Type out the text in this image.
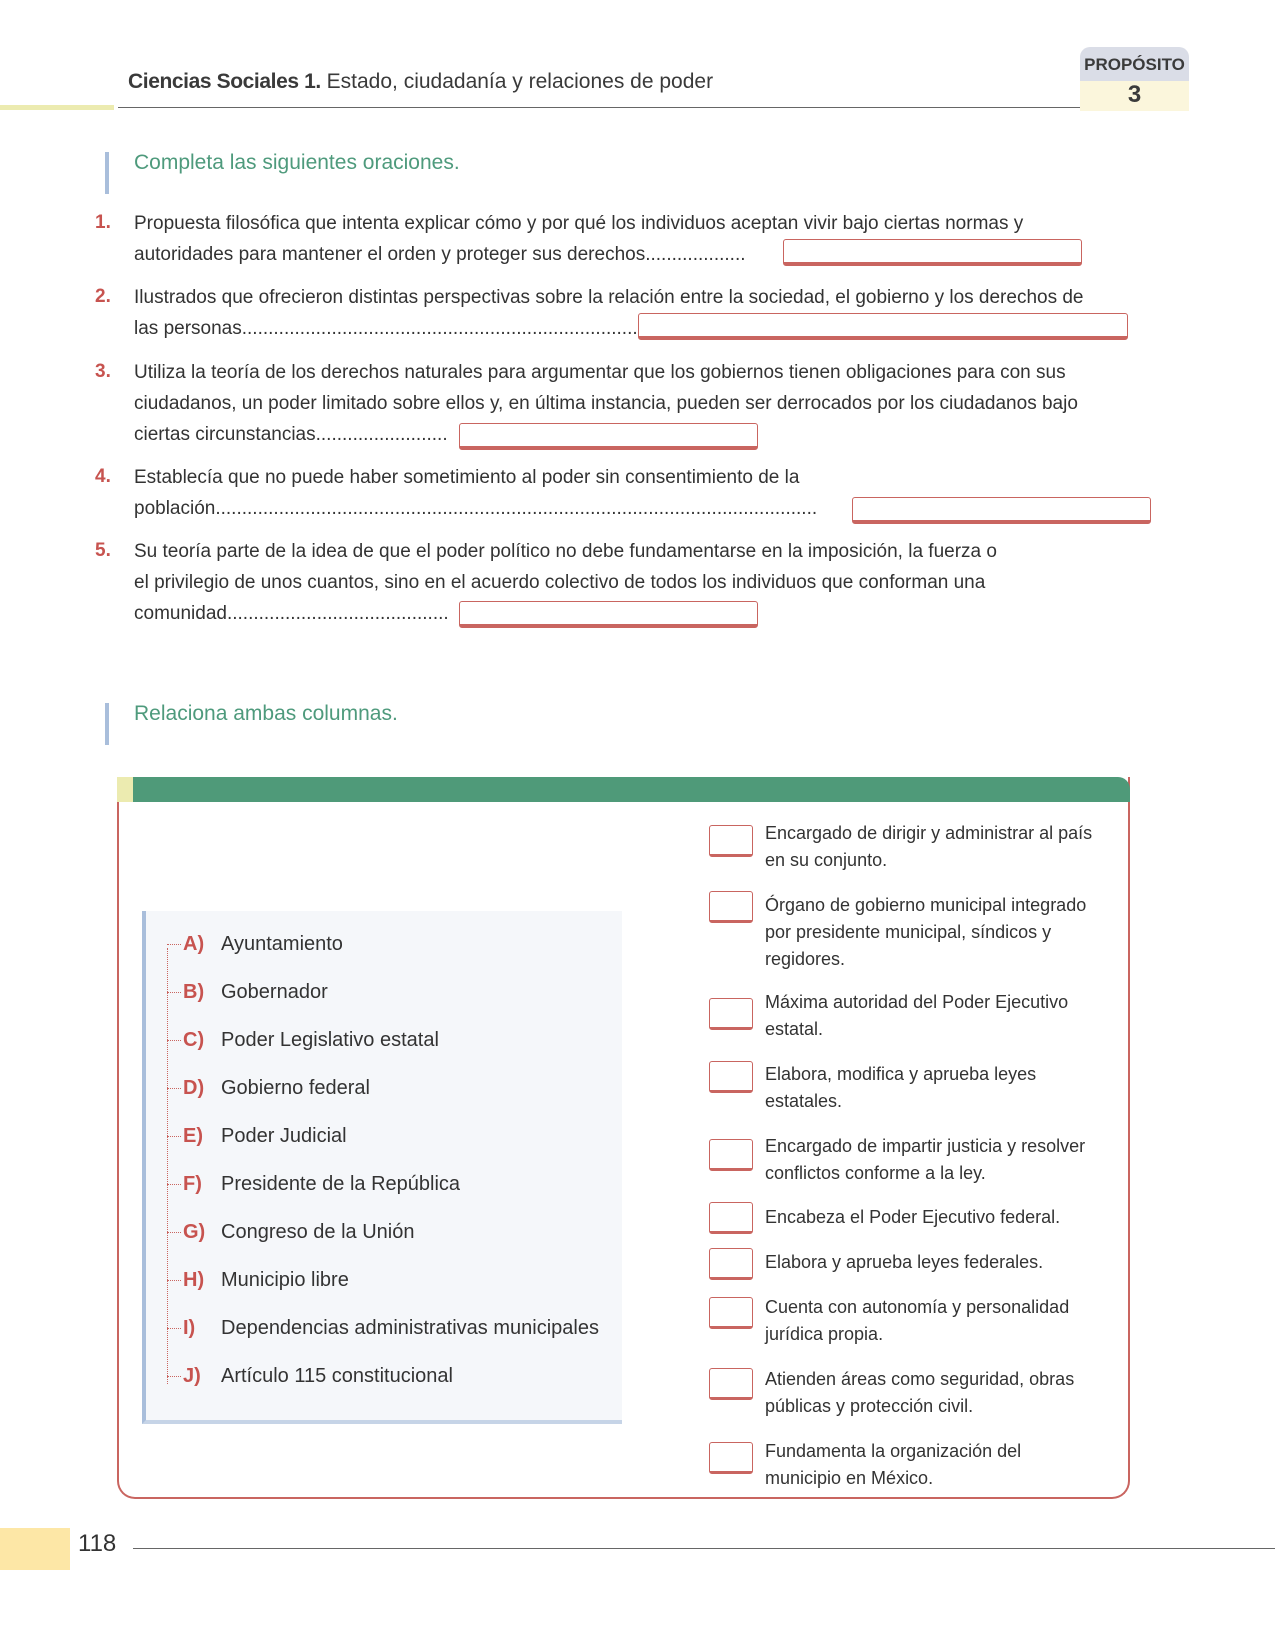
Ciencias Sociales 1. Estado, ciudadanía y relaciones de poder
PROPÓSITO
3
Completa las siguientes oraciones.
1. Propuesta filosófica que intenta explicar cómo y por qué los individuos aceptan vivir bajo ciertas normas y
autoridades para mantener el orden y proteger sus derechos...................
2. Ilustrados que ofrecieron distintas perspectivas sobre la relación entre la sociedad, el gobierno y los derechos de
las personas...........................................................................
3. Utiliza la teoría de los derechos naturales para argumentar que los gobiernos tienen obligaciones para con sus
ciudadanos, un poder limitado sobre ellos y, en última instancia, pueden ser derrocados por los ciudadanos bajo
ciertas circunstancias.........................
4. Establecía que no puede haber sometimiento al poder sin consentimiento de la
población..................................................................................................................
5. Su teoría parte de la idea de que el poder político no debe fundamentarse en la imposición, la fuerza o
el privilegio de unos cuantos, sino en el acuerdo colectivo de todos los individuos que conforman una
comunidad..........................................
Relaciona ambas columnas.
A) Ayuntamiento
B) Gobernador
C) Poder Legislativo estatal
D) Gobierno federal
E) Poder Judicial
F) Presidente de la República
G) Congreso de la Unión
H) Municipio libre
I) Dependencias administrativas municipales
J) Artículo 115 constitucional
Encargado de dirigir y administrar al país en su conjunto.
Órgano de gobierno municipal integrado por presidente municipal, síndicos y regidores.
Máxima autoridad del Poder Ejecutivo estatal.
Elabora, modifica y aprueba leyes estatales.
Encargado de impartir justicia y resolver conflictos conforme a la ley.
Encabeza el Poder Ejecutivo federal.
Elabora y aprueba leyes federales.
Cuenta con autonomía y personalidad jurídica propia.
Atienden áreas como seguridad, obras públicas y protección civil.
Fundamenta la organización del municipio en México.
118
